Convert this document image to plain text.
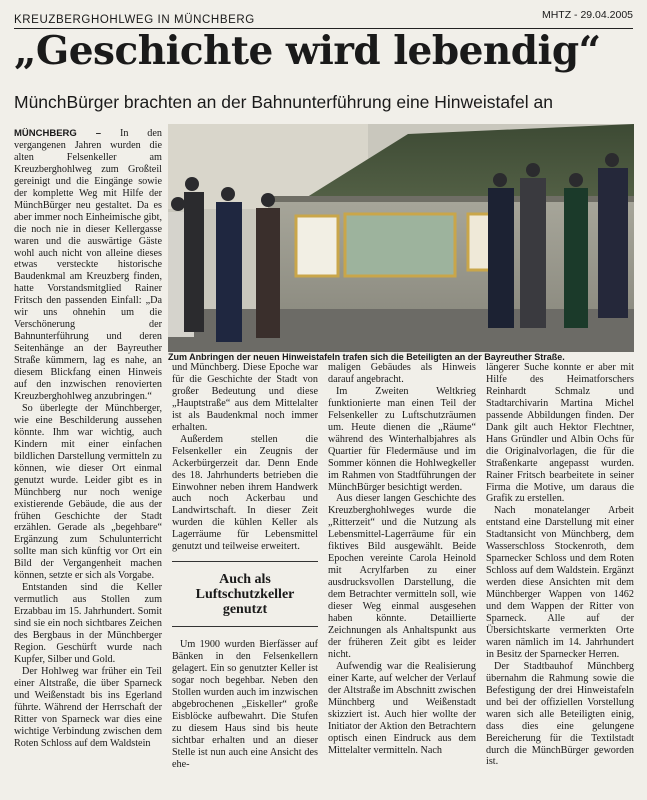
KREUZBERGHOHLWEG IN MÜNCHBERG	MHTZ - 29.04.2005
„Geschichte wird lebendig“
MünchBürger brachten an der Bahnunterführung eine Hinweistafel an

MÜNCHBERG – In den vergangenen Jahren wurden die alten Felsenkeller am Kreuzberghohlweg zum Großteil gereinigt und die Eingänge sowie der komplette Weg mit Hilfe der MünchBürger neu gestaltet. Da es aber immer noch Einheimische gibt, die noch nie in dieser Kellergasse waren und die auswärtige Gäste wohl auch nicht von alleine dieses etwas versteckte historische Baudenkmal am Kreuzberg finden, hatte Vorstandsmitglied Rainer Fritsch den passenden Einfall: „Da wir uns ohnehin um die Verschönerung der Bahnunterführung und deren Seitenhänge an der Bayreuther Straße kümmern, lag es nahe, an diesem Blickfang einen Hinweis auf den inzwischen renovierten Kreuzberghohlweg anzubringen.“

So überlegte der Münchberger, wie eine Beschilderung aussehen könnte. Ihm war wichtig, auch Kindern mit einer einfachen bildlichen Darstellung vermitteln zu können, wie dieser Ort einmal genutzt wurde. Leider gibt es in Münchberg nur noch wenige existierende Gebäude, die aus der frühen Geschichte der Stadt erzählen. Gerade als „begehbare“ Ergänzung zum Schulunterricht sollte man sich künftig vor Ort ein Bild der Vergangenheit machen können, setzte er sich als Vorgabe.

Entstanden sind die Keller vermutlich aus Stollen zum Erzabbau im 15. Jahrhundert. Somit sind sie ein noch sichtbares Zeichen des Bergbaus in der Münchberger Region. Geschürft wurde nach Kupfer, Silber und Gold.

Der Hohlweg war früher ein Teil einer Altstraße, die über Sparneck und Weißenstadt bis ins Egerland führte. Während der Herrschaft der Ritter von Sparneck war dies eine wichtige Verbindung zwischen dem Roten Schloss auf dem Waldstein

Zum Anbringen der neuen Hinweistafeln trafen sich die Beteiligten an der Bayreuther Straße.

und Münchberg. Diese Epoche war für die Geschichte der Stadt von großer Bedeutung und diese „Hauptstraße“ aus dem Mittelalter ist als Baudenkmal noch immer erhalten.

Außerdem stellen die Felsenkeller ein Zeugnis der Ackerbürgerzeit dar. Denn Ende des 18. Jahrhunderts betrieben die Einwohner neben ihrem Handwerk auch noch Ackerbau und Landwirtschaft. In dieser Zeit wurden die kühlen Keller als Lagerräume für Lebensmittel genutzt und teilweise erweitert.

Auch als Luftschutzkeller genutzt

Um 1900 wurden Bierfässer auf Bänken in den Felsenkellern gelagert. Ein so genutzter Keller ist sogar noch begehbar. Neben den Stollen wurden auch im inzwischen abgebrochenen „Eiskeller“ große Eisblöcke aufbewahrt. Die Stufen zu diesem Haus sind bis heute sichtbar erhalten und an dieser Stelle ist nun auch eine Ansicht des ehe-

maligen Gebäudes als Hinweis darauf angebracht.

Im Zweiten Weltkrieg funktionierte man einen Teil der Felsenkeller zu Luftschutzräumen um. Heute dienen die „Räume“ während des Winterhalbjahres als Quartier für Fledermäuse und im Sommer können die Hohlwegkeller im Rahmen von Stadtführungen der MünchBürger besichtigt werden.

Aus dieser langen Geschichte des Kreuzberghohlweges wurde die „Ritterzeit“ und die Nutzung als Lebensmittel-Lagerräume für ein fiktives Bild ausgewählt. Beide Epochen vereinte Carola Heinold mit Acrylfarben zu einer ausdrucksvollen Darstellung, die dem Betrachter vermitteln soll, wie dieser Weg einmal ausgesehen haben könnte. Detaillierte Zeichnungen als Anhaltspunkt aus der früheren Zeit gibt es leider nicht.

Aufwendig war die Realisierung einer Karte, auf welcher der Verlauf der Altstraße im Abschnitt zwischen Münchberg und Weißenstadt skizziert ist. Auch hier wollte der Initiator der Aktion den Betrachtern optisch einen Eindruck aus dem Mittelalter vermitteln. Nach

längerer Suche konnte er aber mit Hilfe des Heimatforschers Reinhardt Schmalz und Stadtarchivarin Martina Michel passende Abbildungen finden. Der Dank gilt auch Hektor Flechtner, Hans Gründler und Albin Ochs für die Originalvorlagen, die für die Straßenkarte angepasst wurden. Rainer Fritsch bearbeitete in seiner Firma die Motive, um daraus die Grafik zu erstellen.

Nach monatelanger Arbeit entstand eine Darstellung mit einer Stadtansicht von Münchberg, dem Wasserschloss Stockenroth, dem Sparnecker Schloss und dem Roten Schloss auf dem Waldstein. Ergänzt werden diese Ansichten mit dem Münchberger Wappen von 1462 und dem Wappen der Ritter von Sparneck. Alle auf der Übersichtskarte vermerkten Orte waren nämlich im 14. Jahrhundert in Besitz der Sparnecker Herren.

Der Stadtbauhof Münchberg übernahm die Rahmung sowie die Befestigung der drei Hinweistafeln und bei der offiziellen Vorstellung waren sich alle Beteiligten einig, dass dies eine gelungene Bereicherung für die Textilstadt durch die MünchBürger geworden ist.
